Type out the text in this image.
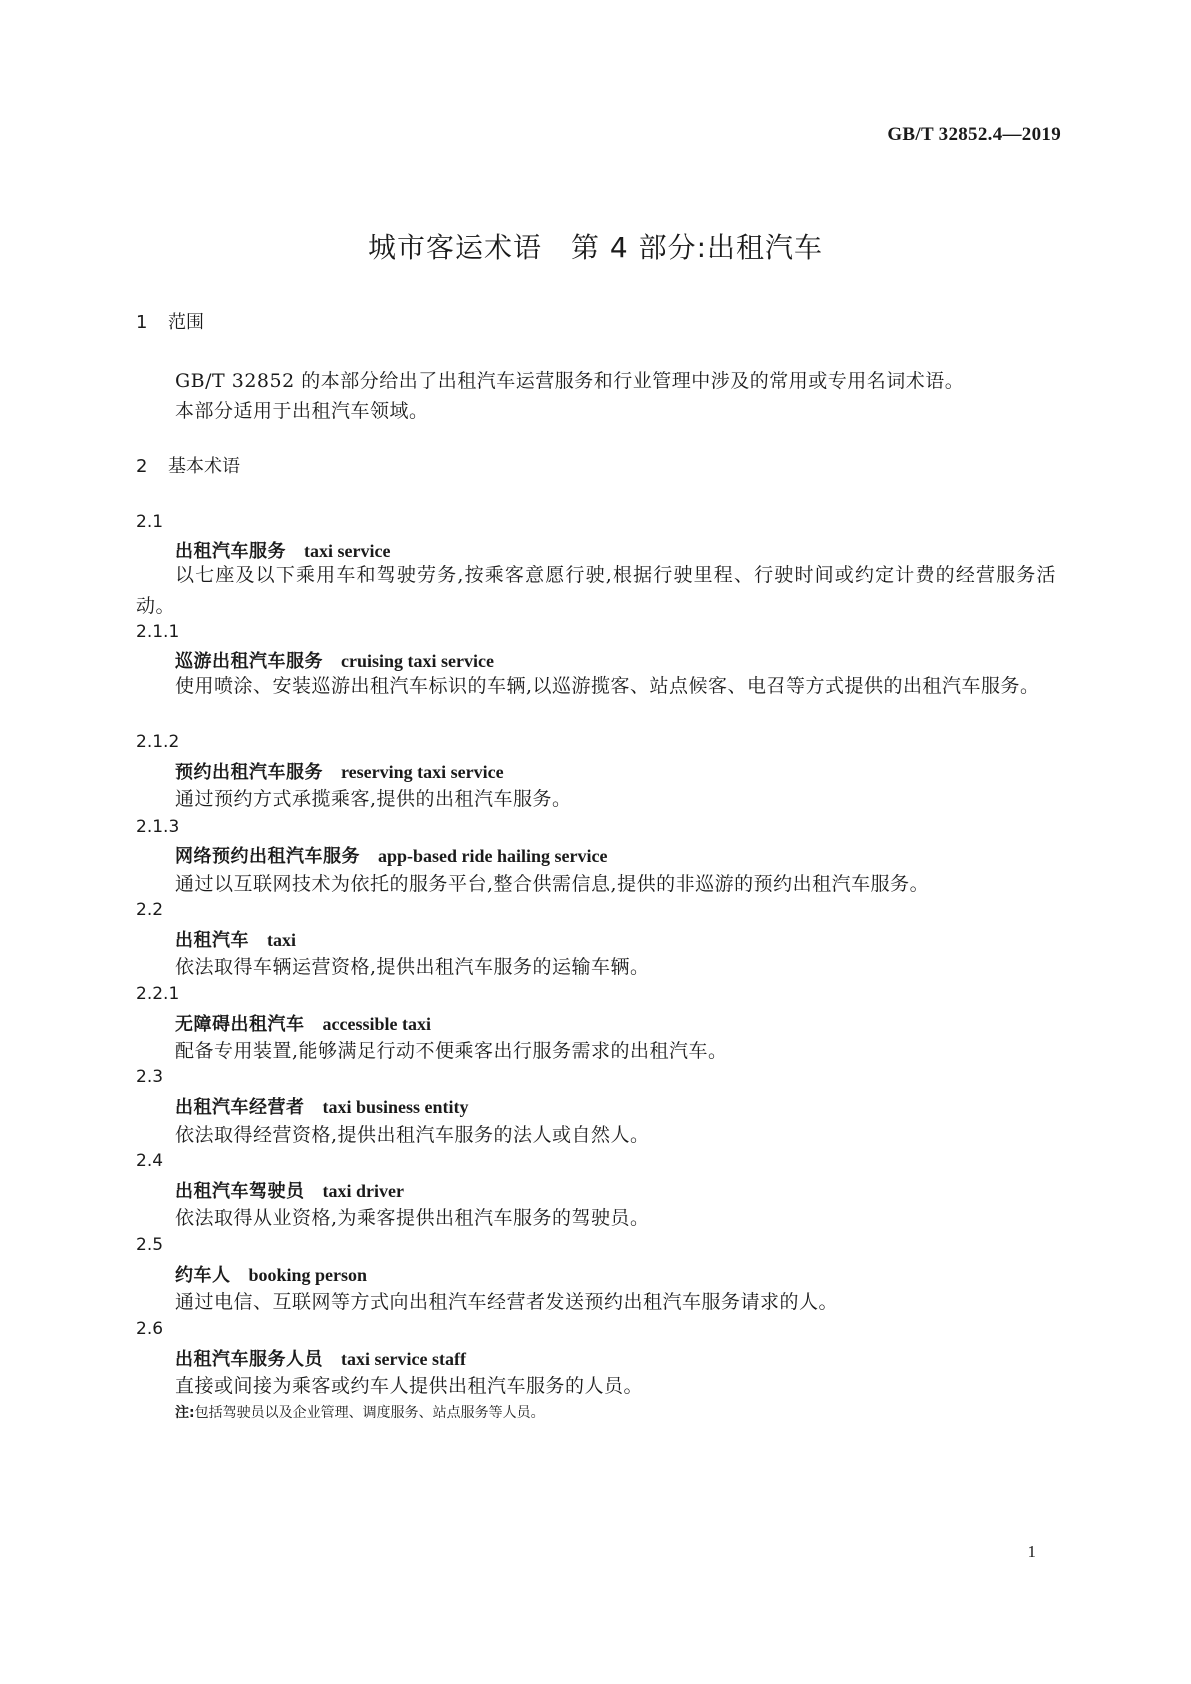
GB/T 32852.4—2019
城市客运术语　第 4 部分:出租汽车
1 范围
GB/T 32852 的本部分给出了出租汽车运营服务和行业管理中涉及的常用或专用名词术语。
本部分适用于出租汽车领域。
2 基本术语
2.1
出租汽车服务 taxi service
以七座及以下乘用车和驾驶劳务,按乘客意愿行驶,根据行驶里程、行驶时间或约定计费的经营服务活动。
2.1.1
巡游出租汽车服务 cruising taxi service
使用喷涂、安装巡游出租汽车标识的车辆,以巡游揽客、站点候客、电召等方式提供的出租汽车服务。
2.1.2
预约出租汽车服务 reserving taxi service
通过预约方式承揽乘客,提供的出租汽车服务。
2.1.3
网络预约出租汽车服务 app-based ride hailing service
通过以互联网技术为依托的服务平台,整合供需信息,提供的非巡游的预约出租汽车服务。
2.2
出租汽车 taxi
依法取得车辆运营资格,提供出租汽车服务的运输车辆。
2.2.1
无障碍出租汽车 accessible taxi
配备专用装置,能够满足行动不便乘客出行服务需求的出租汽车。
2.3
出租汽车经营者 taxi business entity
依法取得经营资格,提供出租汽车服务的法人或自然人。
2.4
出租汽车驾驶员 taxi driver
依法取得从业资格,为乘客提供出租汽车服务的驾驶员。
2.5
约车人 booking person
通过电信、互联网等方式向出租汽车经营者发送预约出租汽车服务请求的人。
2.6
出租汽车服务人员 taxi service staff
直接或间接为乘客或约车人提供出租汽车服务的人员。
注:包括驾驶员以及企业管理、调度服务、站点服务等人员。
1
